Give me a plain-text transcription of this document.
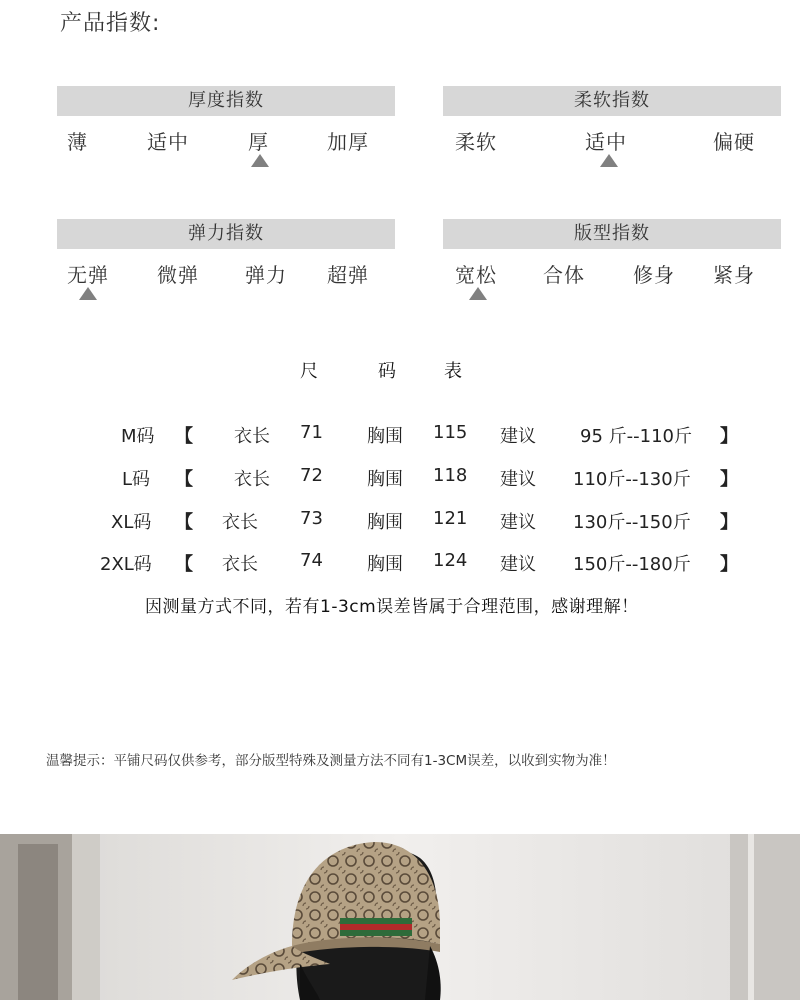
产品指数:
厚度指数
薄	适中	厚	加厚
柔软指数
柔软	适中	偏硬
弹力指数
无弹 微弹 弹力 超弹
版型指数
宽松 合体 修身 紧身
尺	码	表
M码 【 衣长 71 胸围 115 建议 95 斤--110斤 】
L码 【 衣长 72 胸围 118 建议 110斤--130斤 】
XL码 【 衣长 73 胸围 121 建议 130斤--150斤 】
2XL码 【 衣长 74 胸围 124 建议 150斤--180斤 】
因测量方式不同，若有1-3cm误差皆属于合理范围，感谢理解！
温馨提示：平铺尺码仅供参考，部分版型特殊及测量方法不同有1-3CM误差，以收到实物为准！
